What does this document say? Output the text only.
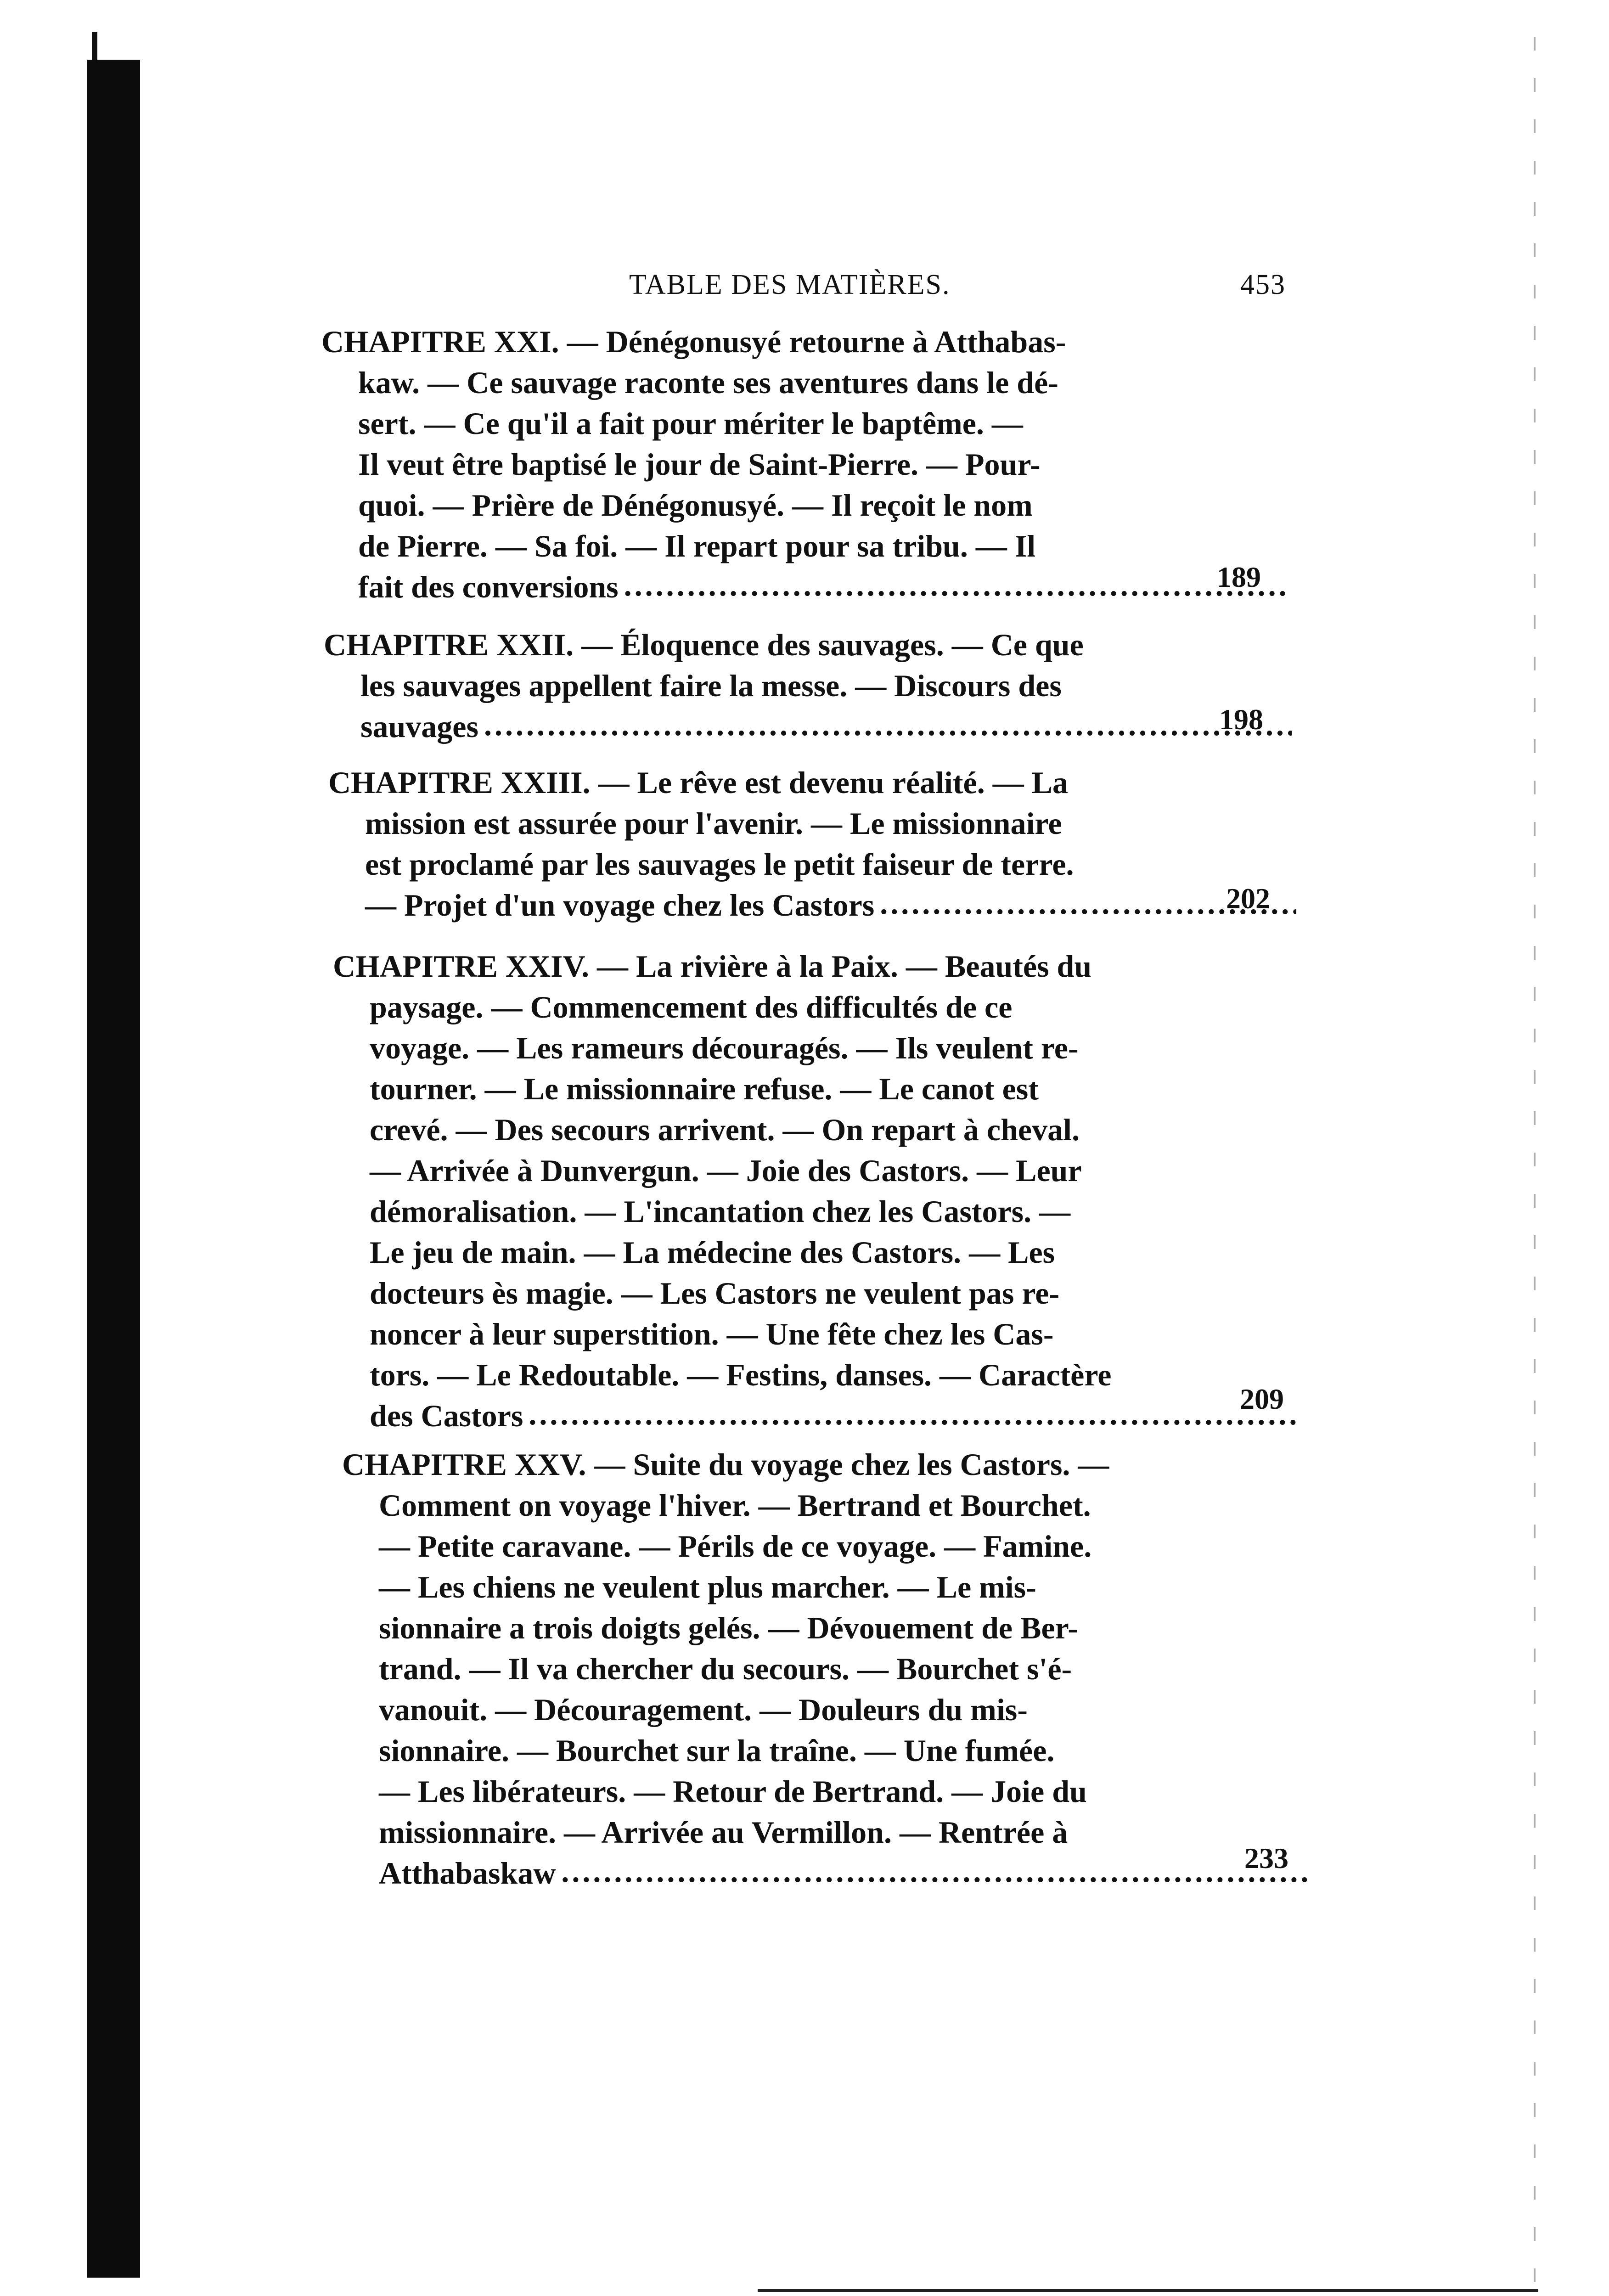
TABLE DES MATIÈRES.	453
CHAPITRE XXI. — Dénégonusyé retourne à Atthabas-
kaw. — Ce sauvage raconte ses aventures dans le dé-
sert. — Ce qu'il a fait pour mériter le baptême. —
Il veut être baptisé le jour de Saint-Pierre. — Pour-
quoi. — Prière de Dénégonusyé. — Il reçoit le nom
de Pierre. — Sa foi. — Il repart pour sa tribu. — Il
fait des conversions .....	189
CHAPITRE XXII. — Éloquence des sauvages. — Ce que
les sauvages appellent faire la messe. — Discours des
sauvages .....	198
CHAPITRE XXIII. — Le rêve est devenu réalité. — La
mission est assurée pour l'avenir. — Le missionnaire
est proclamé par les sauvages le petit faiseur de terre.
— Projet d'un voyage chez les Castors .....	202
CHAPITRE XXIV. — La rivière à la Paix. — Beautés du
paysage. — Commencement des difficultés de ce
voyage. — Les rameurs découragés. — Ils veulent re-
tourner. — Le missionnaire refuse. — Le canot est
crevé. — Des secours arrivent. — On repart à cheval.
— Arrivée à Dunvergun. — Joie des Castors. — Leur
démoralisation. — L'incantation chez les Castors. —
Le jeu de main. — La médecine des Castors. — Les
docteurs ès magie. — Les Castors ne veulent pas re-
noncer à leur superstition. — Une fête chez les Cas-
tors. — Le Redoutable. — Festins, danses. — Caractère
des Castors .....	209
CHAPITRE XXV. — Suite du voyage chez les Castors. —
Comment on voyage l'hiver. — Bertrand et Bourchet.
— Petite caravane. — Périls de ce voyage. — Famine.
— Les chiens ne veulent plus marcher. — Le mis-
sionnaire a trois doigts gelés. — Dévouement de Ber-
trand. — Il va chercher du secours. — Bourchet s'é-
vanouit. — Découragement. — Douleurs du mis-
sionnaire. — Bourchet sur la traîne. — Une fumée.
— Les libérateurs. — Retour de Bertrand. — Joie du
missionnaire. — Arrivée au Vermillon. — Rentrée à
Atthabaskaw .....	233
